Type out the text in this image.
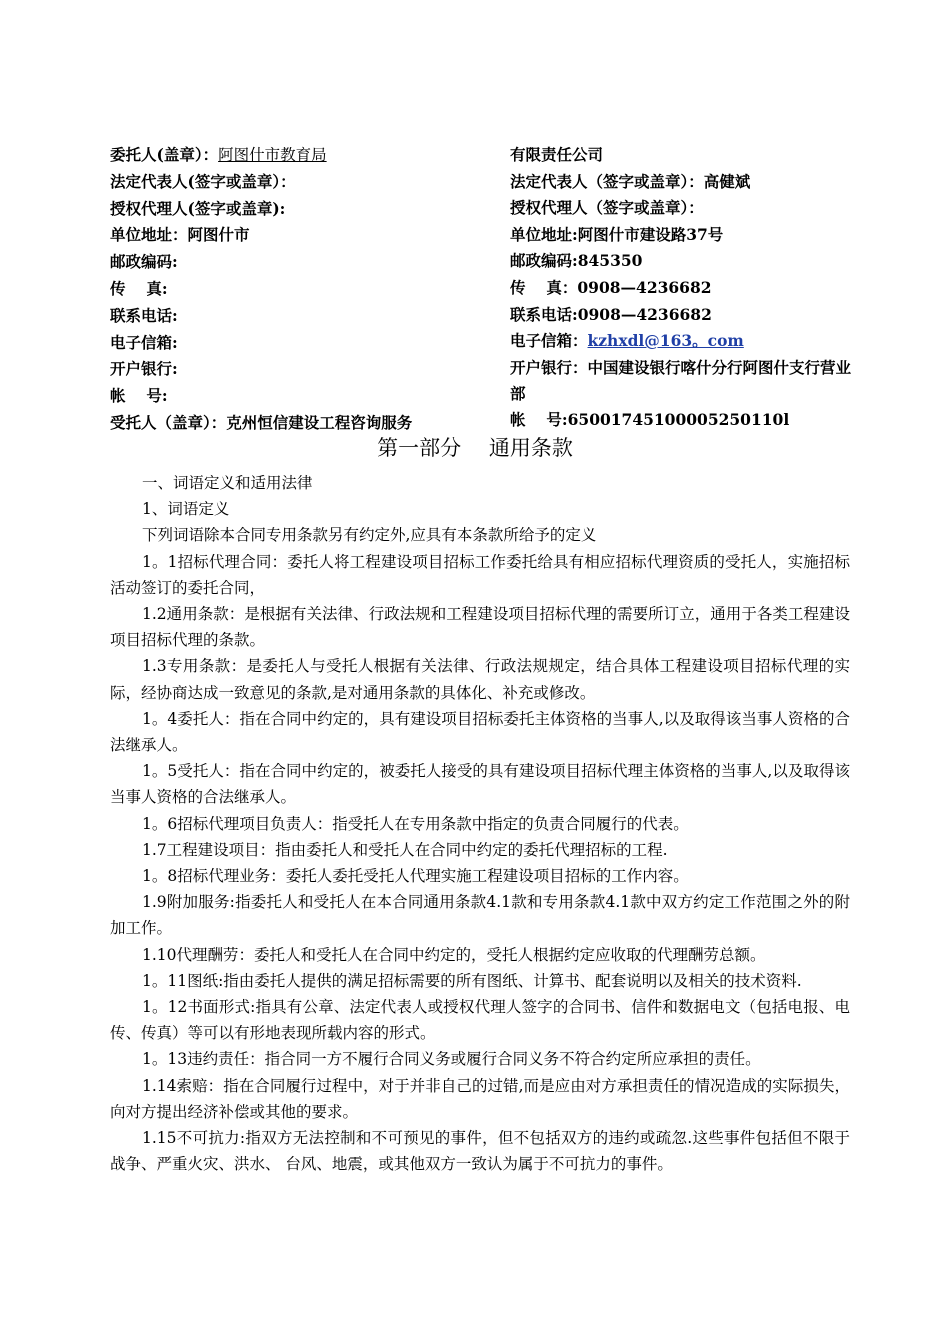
委托人(盖章）：阿图什市教育局
法定代表人(签字或盖章）：
授权代理人(签字或盖章):
单位地址：阿图什市
邮政编码:
传　 真:
联系电话:
电子信箱:
开户银行:
帐　 号:
受托人（盖章）：克州恒信建设工程咨询服务
有限责任公司
法定代表人（签字或盖章）：高健斌
授权代理人（签字或盖章）：
单位地址:阿图什市建设路37号
邮政编码:845350
传　 真：0908—4236682
联系电话:0908—4236682
电子信箱：kzhxdl@163。com
开户银行：中国建设银行喀什分行阿图什支行营业部
帐　 号:65001745100005250110l
第一部分　 通用条款

一、词语定义和适用法律

1、词语定义

下列词语除本合同专用条款另有约定外,应具有本条款所给予的定义

1。1招标代理合同：委托人将工程建设项目招标工作委托给具有相应招标代理资质的受托人，实施招标活动签订的委托合同，

1.2通用条款：是根据有关法律、行政法规和工程建设项目招标代理的需要所订立，通用于各类工程建设项目招标代理的条款。

1.3专用条款：是委托人与受托人根据有关法律、行政法规规定，结合具体工程建设项目招标代理的实际，经协商达成一致意见的条款,是对通用条款的具体化、补充或修改。

1。4委托人：指在合同中约定的，具有建设项目招标委托主体资格的当事人,以及取得该当事人资格的合法继承人。

1。5受托人：指在合同中约定的，被委托人接受的具有建设项目招标代理主体资格的当事人,以及取得该当事人资格的合法继承人。

1。6招标代理项目负责人：指受托人在专用条款中指定的负责合同履行的代表。

1.7工程建设项目：指由委托人和受托人在合同中约定的委托代理招标的工程.

1。8招标代理业务：委托人委托受托人代理实施工程建设项目招标的工作内容。

1.9附加服务:指委托人和受托人在本合同通用条款4.1款和专用条款4.1款中双方约定工作范围之外的附加工作。

1.10代理酬劳：委托人和受托人在合同中约定的，受托人根据约定应收取的代理酬劳总额。

1。11图纸:指由委托人提供的满足招标需要的所有图纸、计算书、配套说明以及相关的技术资料.

1。12书面形式:指具有公章、法定代表人或授权代理人签字的合同书、信件和数据电文（包括电报、电传、传真）等可以有形地表现所载内容的形式。

1。13违约责任：指合同一方不履行合同义务或履行合同义务不符合约定所应承担的责任。

1.14索赔：指在合同履行过程中，对于并非自己的过错,而是应由对方承担责任的情况造成的实际损失， 向对方提出经济补偿或其他的要求。

1.15不可抗力:指双方无法控制和不可预见的事件，但不包括双方的违约或疏忽.这些事件包括但不限于战争、严重火灾、洪水、 台风、地震，或其他双方一致认为属于不可抗力的事件。
